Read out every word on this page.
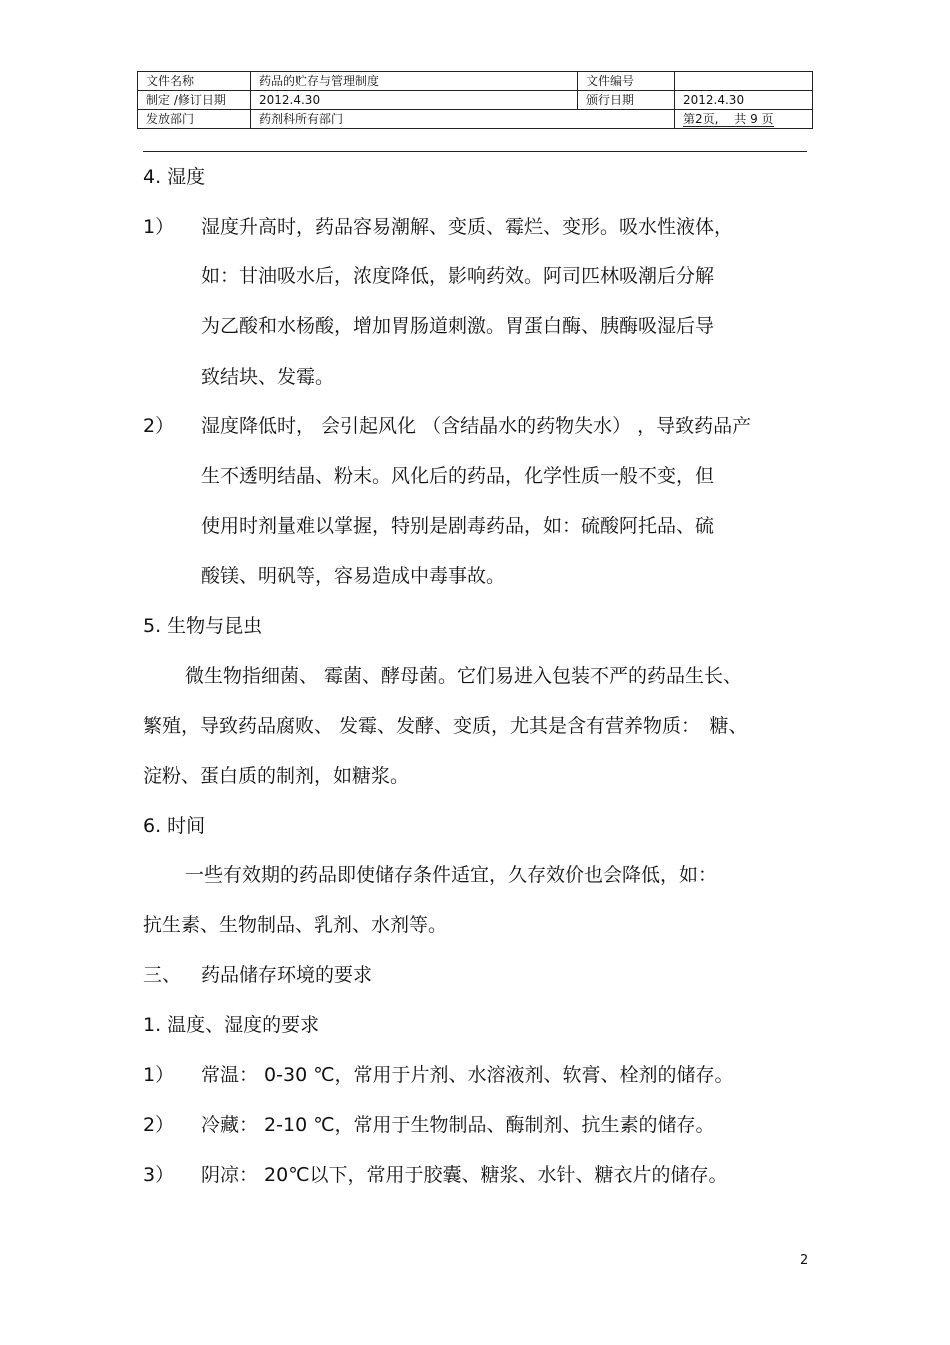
文件名称	药品的贮存与管理制度	文件编号	
制定 /修订日期	2012.4.30	颁行日期	2012.4.30
发放部门	药剂科所有部门		第2页,　 共 9 页
4. 湿度
1） 湿度升高时，药品容易潮解、变质、霉烂、变形。吸水性液体，
如：甘油吸水后，浓度降低，影响药效。阿司匹林吸潮后分解
为乙酸和水杨酸，增加胃肠道刺激。胃蛋白酶、胰酶吸湿后导
致结块、发霉。
2） 湿度降低时， 会引起风化 （含结晶水的药物失水） ，导致药品产
生不透明结晶、粉末。风化后的药品，化学性质一般不变，但
使用时剂量难以掌握，特别是剧毒药品，如：硫酸阿托品、硫
酸镁、明矾等，容易造成中毒事故。
5. 生物与昆虫
微生物指细菌、 霉菌、酵母菌。它们易进入包装不严的药品生长、
繁殖，导致药品腐败、 发霉、发酵、变质，尤其是含有营养物质：　糖、
淀粉、蛋白质的制剂，如糖浆。
6. 时间
一些有效期的药品即使储存条件适宜，久存效价也会降低，如：
抗生素、生物制品、乳剂、水剂等。
三、 药品储存环境的要求
1. 温度、湿度的要求
1） 常温： 0-30 ℃，常用于片剂、水溶液剂、软膏、栓剂的储存。
2） 冷藏： 2-10 ℃，常用于生物制品、酶制剂、抗生素的储存。
3） 阴凉： 20℃以下，常用于胶囊、糖浆、水针、糖衣片的储存。
2
